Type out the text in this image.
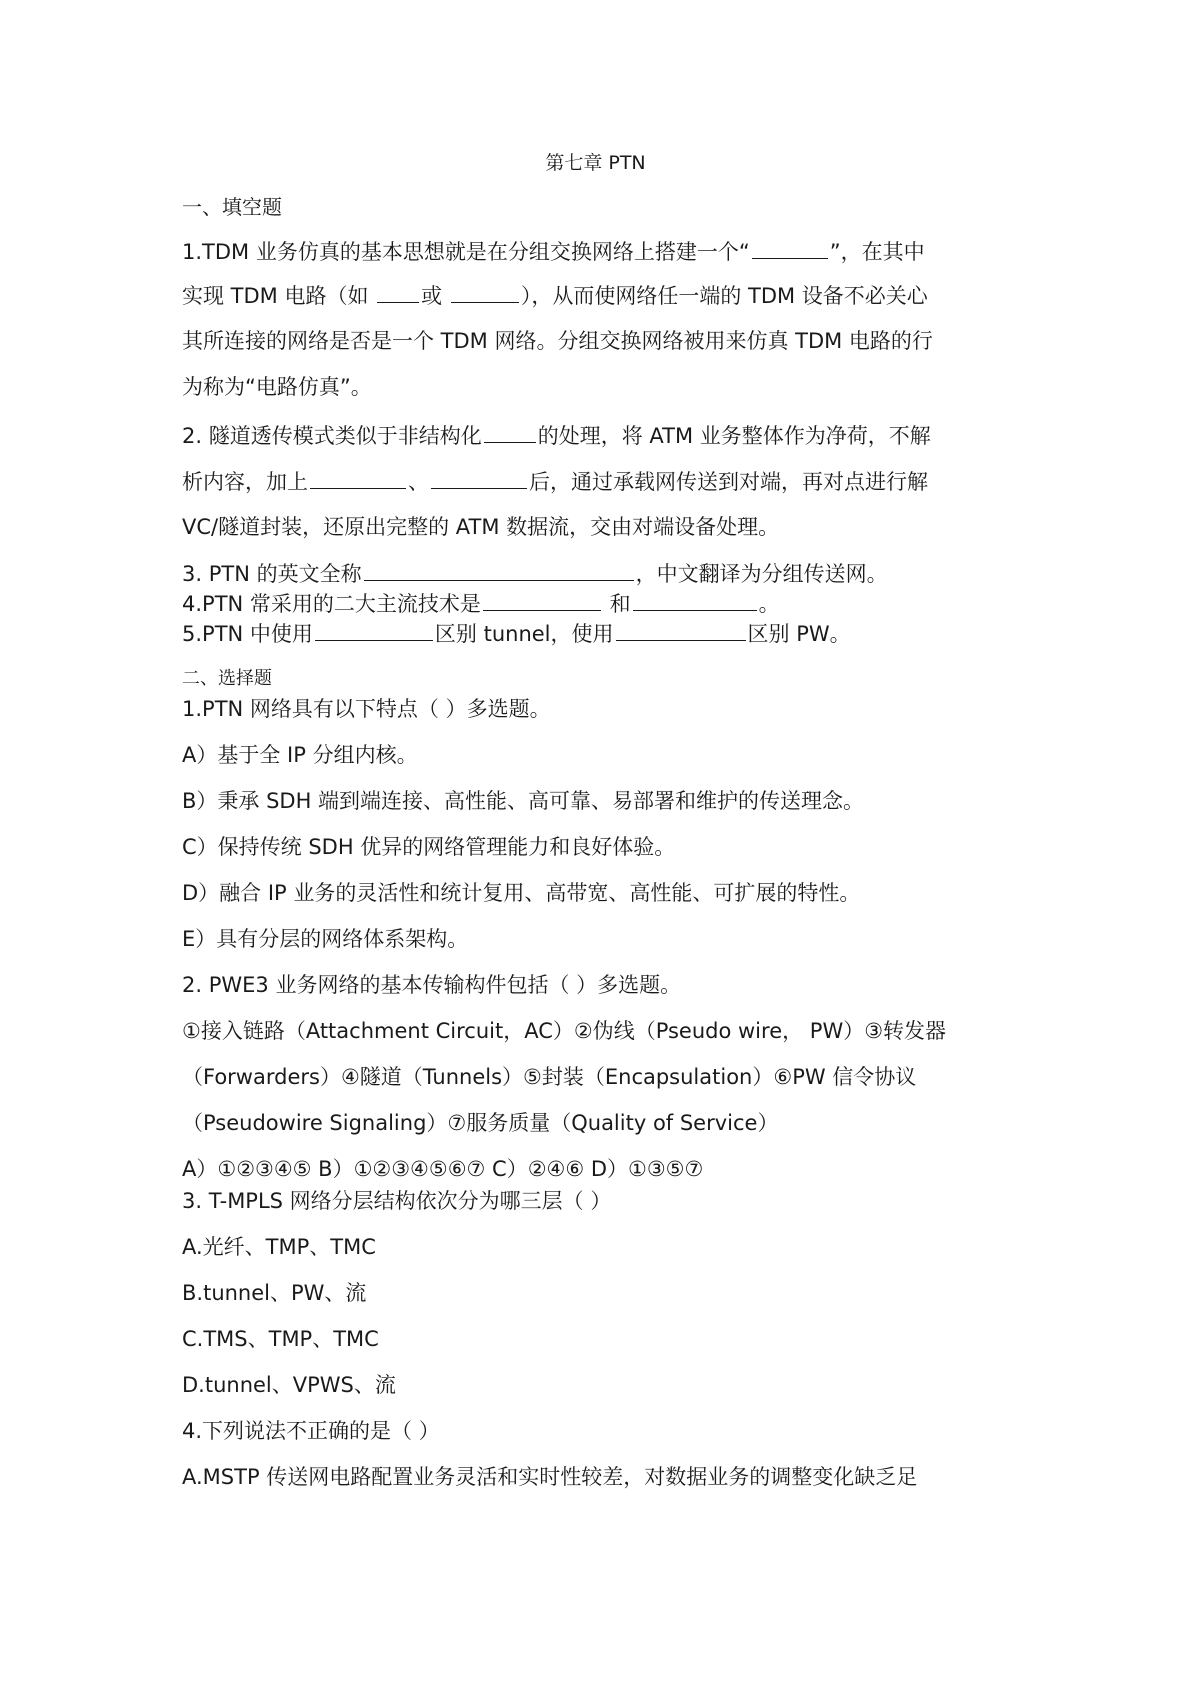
第七章 PTN
一、填空题
1.TDM 业务仿真的基本思想就是在分组交换网络上搭建一个“	”，在其中
实现 TDM 电路（如 或	），从而使网络任一端的 TDM 设备不必关心
其所连接的网络是否是一个 TDM 网络。分组交换网络被用来仿真 TDM 电路的行
为称为“电路仿真”。
2. 隧道透传模式类似于非结构化	的处理，将 ATM 业务整体作为净荷，不解
析内容，加上	、	后，通过承载网传送到对端，再对点进行解
VC/隧道封装，还原出完整的 ATM 数据流，交由对端设备处理。
3. PTN 的英文全称	，中文翻译为分组传送网。
4.PTN 常采用的二大主流技术是	和	。
5.PTN 中使用	区别 tunnel，使用	区别 PW。
二、选择题
1.PTN 网络具有以下特点（ ）多选题。
A）基于全 IP 分组内核。
B）秉承 SDH 端到端连接、高性能、高可靠、易部署和维护的传送理念。
C）保持传统 SDH 优异的网络管理能力和良好体验。
D）融合 IP 业务的灵活性和统计复用、高带宽、高性能、可扩展的特性。
E）具有分层的网络体系架构。
2. PWE3 业务网络的基本传输构件包括（ ）多选题。
①接入链路（Attachment Circuit，AC）②伪线（Pseudo wire， PW）③转发器
（Forwarders）④隧道（Tunnels）⑤封装（Encapsulation）⑥PW 信令协议
（Pseudowire Signaling）⑦服务质量（Quality of Service）
A）①②③④⑤ B）①②③④⑤⑥⑦ C）②④⑥ D）①③⑤⑦
3. T-MPLS 网络分层结构依次分为哪三层（ ）
A.光纤、TMP、TMC
B.tunnel、PW、流
C.TMS、TMP、TMC
D.tunnel、VPWS、流
4.下列说法不正确的是（ ）
A.MSTP 传送网电路配置业务灵活和实时性较差，对数据业务的调整变化缺乏足
